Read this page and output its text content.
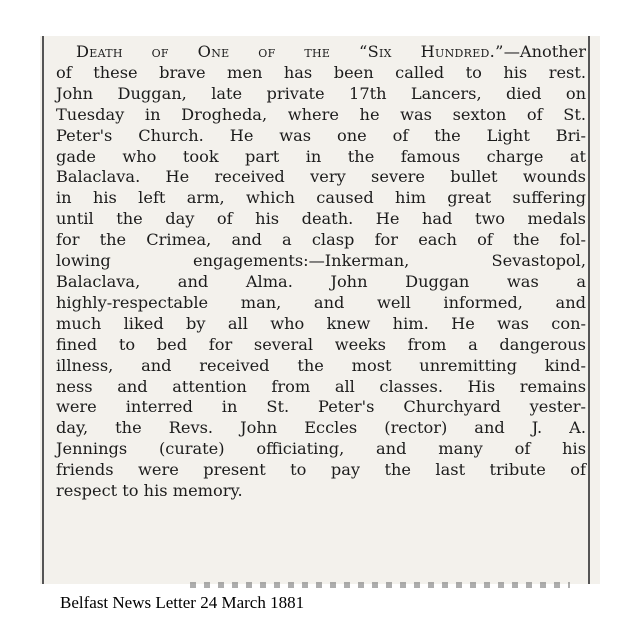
Death of One of the “Six Hundred.”—Another
of these brave men has been called to his rest.
John Duggan, late private 17th Lancers, died on
Tuesday in Drogheda, where he was sexton of St.
Peter's Church. He was one of the Light Bri-
gade who took part in the famous charge at
Balaclava. He received very severe bullet wounds
in his left arm, which caused him great suffering
until the day of his death. He had two medals
for the Crimea, and a clasp for each of the fol-
lowing engagements:—Inkerman, Sevastopol,
Balaclava, and Alma. John Duggan was a
highly-respectable man, and well informed, and
much liked by all who knew him. He was con-
fined to bed for several weeks from a dangerous
illness, and received the most unremitting kind-
ness and attention from all classes. His remains
were interred in St. Peter's Churchyard yester-
day, the Revs. John Eccles (rector) and J. A.
Jennings (curate) officiating, and many of his
friends were present to pay the last tribute of
respect to his memory.
Belfast News Letter 24 March 1881
